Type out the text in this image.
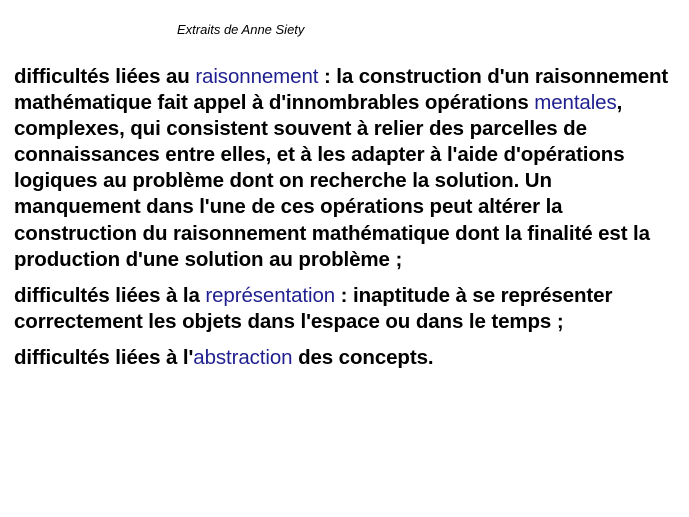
Extraits de Anne Siety

difficultés liées au raisonnement : la construction d'un raisonnement mathématique fait appel à d'innombrables opérations mentales, complexes, qui consistent souvent à relier des parcelles de connaissances entre elles, et à les adapter à l'aide d'opérations logiques au problème dont on recherche la solution. Un manquement dans l'une de ces opérations peut altérer la construction du raisonnement mathématique dont la finalité est la production d'une solution au problème ;

difficultés liées à la représentation : inaptitude à se représenter correctement les objets dans l'espace ou dans le temps ;

difficultés liées à l'abstraction des concepts.
